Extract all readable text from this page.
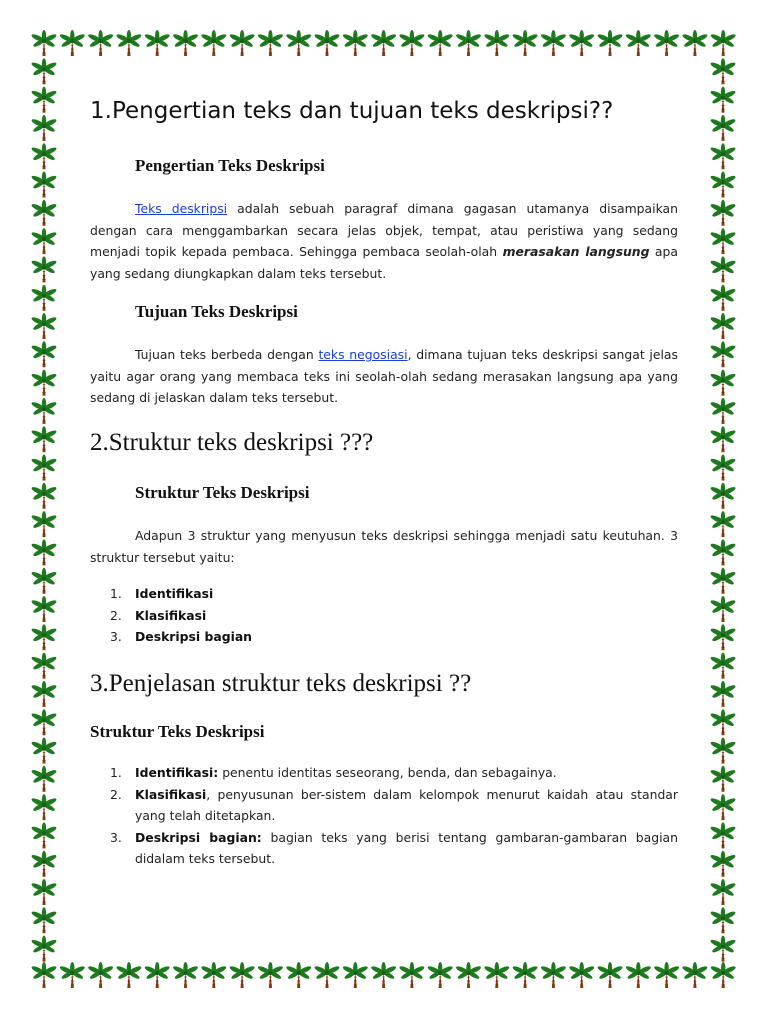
1.Pengertian teks dan tujuan teks deskripsi??
Pengertian Teks Deskripsi
Teks deskripsi adalah sebuah paragraf dimana gagasan utamanya disampaikan dengan cara menggambarkan secara jelas objek, tempat, atau peristiwa yang sedang menjadi topik kepada pembaca. Sehingga pembaca seolah-olah merasakan langsung apa yang sedang diungkapkan dalam teks tersebut.
Tujuan Teks Deskripsi
Tujuan teks berbeda dengan teks negosiasi, dimana tujuan teks deskripsi sangat jelas yaitu agar orang yang membaca teks ini seolah-olah sedang merasakan langsung apa yang sedang di jelaskan dalam teks tersebut.
2.Struktur teks deskripsi ???
Struktur Teks Deskripsi
Adapun 3 struktur yang menyusun teks deskripsi sehingga menjadi satu keutuhan. 3 struktur tersebut yaitu:
1. Identifikasi
2. Klasifikasi
3. Deskripsi bagian
3.Penjelasan struktur teks deskripsi ??
Struktur Teks Deskripsi
1. Identifikasi: penentu identitas seseorang, benda, dan sebagainya.
2. Klasifikasi, penyusunan ber-sistem dalam kelompok menurut kaidah atau standar yang telah ditetapkan.
3. Deskripsi bagian: bagian teks yang berisi tentang gambaran-gambaran bagian didalam teks tersebut.
